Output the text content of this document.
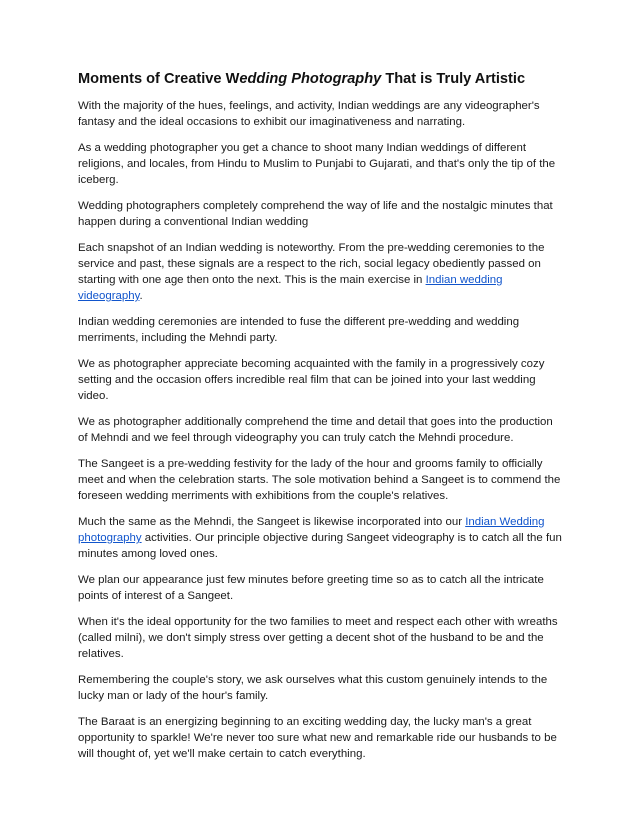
Moments of Creative Wedding Photography That is Truly Artistic

With the majority of the hues, feelings, and activity, Indian weddings are any videographer's fantasy and the ideal occasions to exhibit our imaginativeness and narrating.

As a wedding photographer you get a chance to shoot many Indian weddings of different religions, and locales, from Hindu to Muslim to Punjabi to Gujarati, and that's only the tip of the iceberg.

Wedding photographers completely comprehend the way of life and the nostalgic minutes that happen during a conventional Indian wedding

Each snapshot of an Indian wedding is noteworthy. From the pre-wedding ceremonies to the service and past, these signals are a respect to the rich, social legacy obediently passed on starting with one age then onto the next. This is the main exercise in Indian wedding videography.

Indian wedding ceremonies are intended to fuse the different pre-wedding and wedding merriments, including the Mehndi party.

We as photographer appreciate becoming acquainted with the family in a progressively cozy setting and the occasion offers incredible real film that can be joined into your last wedding video.

We as photographer additionally comprehend the time and detail that goes into the production of Mehndi and we feel through videography you can truly catch the Mehndi procedure.

The Sangeet is a pre-wedding festivity for the lady of the hour and grooms family to officially meet and when the celebration starts. The sole motivation behind a Sangeet is to commend the foreseen wedding merriments with exhibitions from the couple's relatives.

Much the same as the Mehndi, the Sangeet is likewise incorporated into our Indian Wedding photography activities. Our principle objective during Sangeet videography is to catch all the fun minutes among loved ones.

We plan our appearance just few minutes before greeting time so as to catch all the intricate points of interest of a Sangeet.

When it's the ideal opportunity for the two families to meet and respect each other with wreaths (called milni), we don't simply stress over getting a decent shot of the husband to be and the relatives.

Remembering the couple's story, we ask ourselves what this custom genuinely intends to the lucky man or lady of the hour's family.

The Baraat is an energizing beginning to an exciting wedding day, the lucky man's a great opportunity to sparkle! We're never too sure what new and remarkable ride our husbands to be will thought of, yet we'll make certain to catch everything.
